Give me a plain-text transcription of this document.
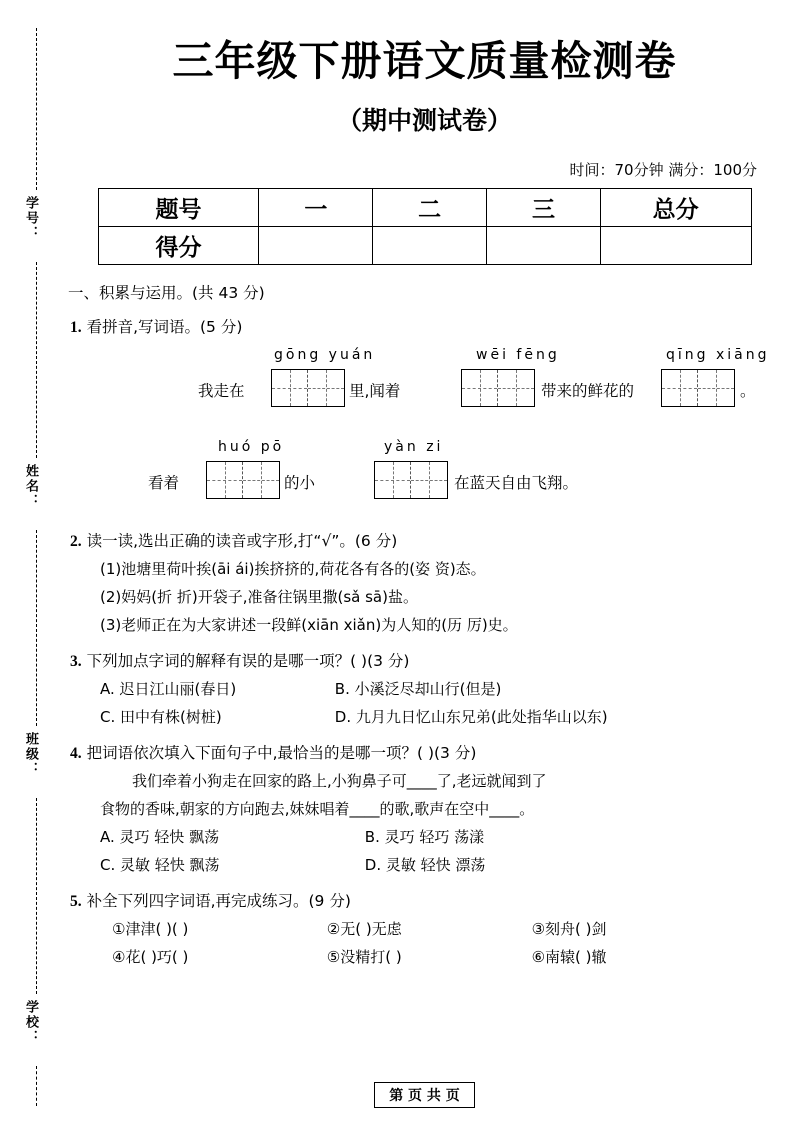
学号：
姓名：
班级：
学校：
三年级下册语文质量检测卷
（期中测试卷）
时间：70分钟 满分：100分
题号	一	二	三	总分
得分				
一、积累与运用。(共 43 分)
1. 看拼音,写词语。(5 分)
gōng yuán	wēi fēng	qīng xiāng
我走在	里,闻着	带来的鲜花的	。
huó pō	yàn zi
看着	的小	在蓝天自由飞翔。
2. 读一读,选出正确的读音或字形,打“√”。(6 分)
(1)池塘里荷叶挨(āi ái)挨挤挤的,荷花各有各的(姿 资)态。
(2)妈妈(折 折)开袋子,准备往锅里撒(sǎ sā)盐。
(3)老师正在为大家讲述一段鲜(xiān xiǎn)为人知的(历 厉)史。
3. 下列加点字词的解释有误的是哪一项？( )(3 分)
A. 迟日江山丽(春日)	B. 小溪泛尽却山行(但是)
C. 田中有株(树桩)	D. 九月九日忆山东兄弟(此处指华山以东)
4. 把词语依次填入下面句子中,最恰当的是哪一项？( )(3 分)
我们牵着小狗走在回家的路上,小狗鼻子可____了,老远就闻到了
食物的香味,朝家的方向跑去,妹妹唱着____的歌,歌声在空中____。
A. 灵巧 轻快 飘荡	B. 灵巧 轻巧 荡漾
C. 灵敏 轻快 飘荡	D. 灵敏 轻快 漂荡
5. 补全下列四字词语,再完成练习。(9 分)
①津津( )( )	②无( )无虑	③刻舟( )剑
④花( )巧( )	⑤没精打( )	⑥南辕( )辙
第 页 共 页
